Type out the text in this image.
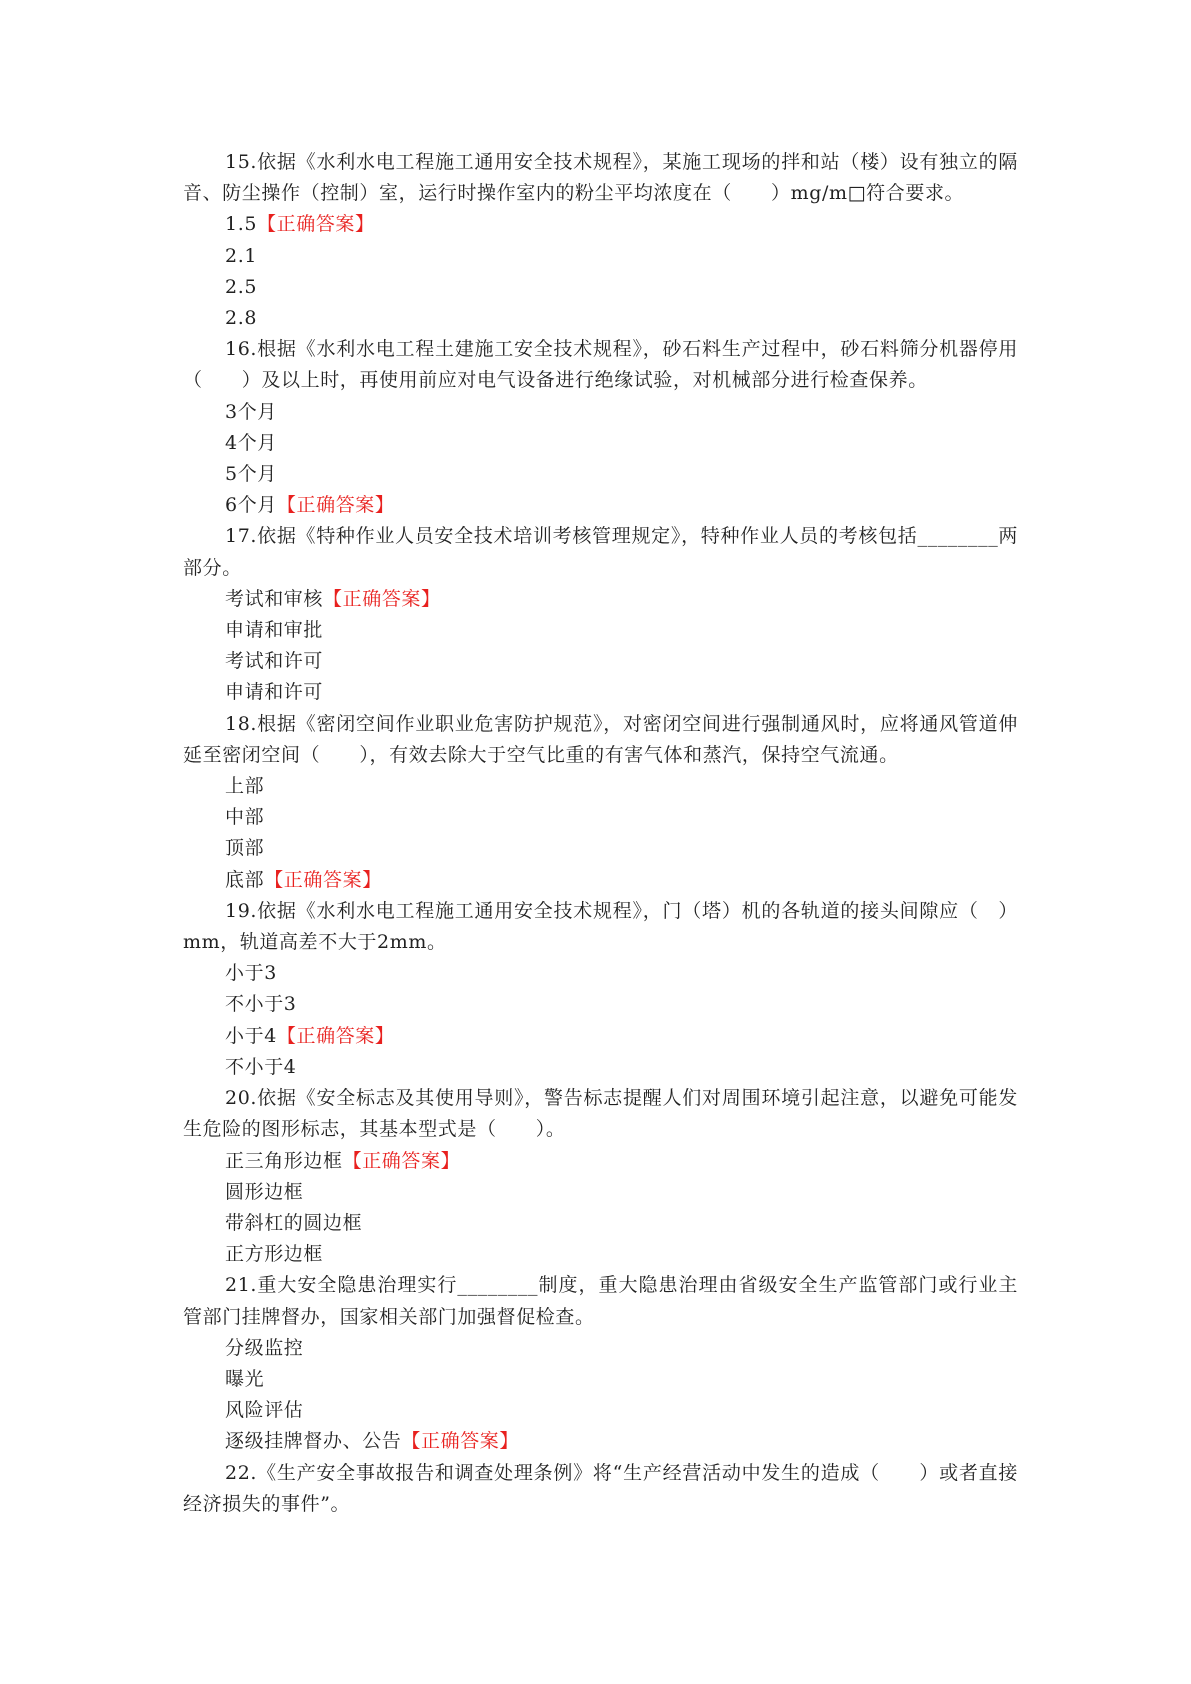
15.依据《水利水电工程施工通用安全技术规程》，某施工现场的拌和站（楼）设有独立的隔音、防尘操作（控制）室，运行时操作室内的粉尘平均浓度在（　　）mg/m□符合要求。

1.5【正确答案】

2.1

2.5

2.8

16.根据《水利水电工程土建施工安全技术规程》，砂石料生产过程中，砂石料筛分机器停用（　　）及以上时，再使用前应对电气设备进行绝缘试验，对机械部分进行检查保养。

3个月

4个月

5个月

6个月【正确答案】

17.依据《特种作业人员安全技术培训考核管理规定》，特种作业人员的考核包括________两部分。

考试和审核【正确答案】

申请和审批

考试和许可

申请和许可

18.根据《密闭空间作业职业危害防护规范》，对密闭空间进行强制通风时，应将通风管道伸延至密闭空间（　　），有效去除大于空气比重的有害气体和蒸汽，保持空气流通。

上部

中部

顶部

底部【正确答案】

19.依据《水利水电工程施工通用安全技术规程》，门（塔）机的各轨道的接头间隙应（　）mm，轨道高差不大于2mm。

小于3

不小于3

小于4【正确答案】

不小于4

20.依据《安全标志及其使用导则》，警告标志提醒人们对周围环境引起注意，以避免可能发生危险的图形标志，其基本型式是（　　）。

正三角形边框【正确答案】

圆形边框

带斜杠的圆边框

正方形边框

21.重大安全隐患治理实行________制度，重大隐患治理由省级安全生产监管部门或行业主管部门挂牌督办，国家相关部门加强督促检查。

分级监控

曝光

风险评估

逐级挂牌督办、公告【正确答案】

22.《生产安全事故报告和调查处理条例》将“生产经营活动中发生的造成（　　）或者直接经济损失的事件”。
